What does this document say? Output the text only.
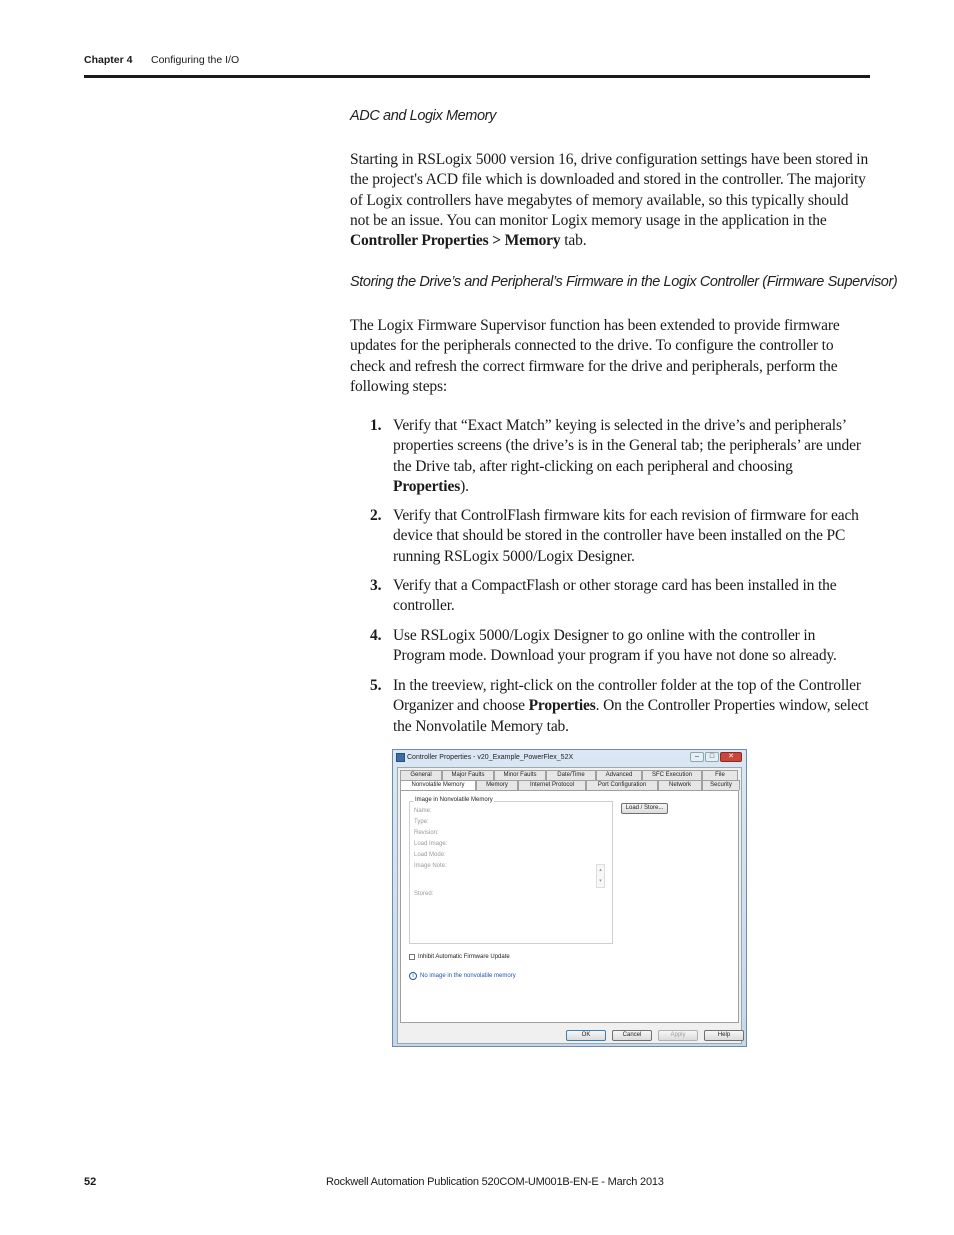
Chapter 4 Configuring the I/O
ADC and Logix Memory

Starting in RSLogix 5000 version 16, drive configuration settings have been stored in the project's ACD file which is downloaded and stored in the controller. The majority of Logix controllers have megabytes of memory available, so this typically should not be an issue. You can monitor Logix memory usage in the application in the Controller Properties > Memory tab.

Storing the Drive’s and Peripheral’s Firmware in the Logix Controller (Firmware Supervisor)

The Logix Firmware Supervisor function has been extended to provide firmware updates for the peripherals connected to the drive. To configure the controller to check and refresh the correct firmware for the drive and peripherals, perform the following steps:

1. Verify that “Exact Match” keying is selected in the drive’s and peripherals’ properties screens (the drive’s is in the General tab; the peripherals’ are under the Drive tab, after right-clicking on each peripheral and choosing Properties).
2. Verify that ControlFlash firmware kits for each revision of firmware for each device that should be stored in the controller have been installed on the PC running RSLogix 5000/Logix Designer.
3. Verify that a CompactFlash or other storage card has been installed in the controller.
4. Use RSLogix 5000/Logix Designer to go online with the controller in Program mode. Download your program if you have not done so already.
5. In the treeview, right-click on the controller folder at the top of the Controller Organizer and choose Properties. On the Controller Properties window, select the Nonvolatile Memory tab.
Controller Properties - v20_Example_PowerFlex_52X	–	□	✕
General	Major Faults	Minor Faults	Date/Time	Advanced	SFC Execution	File
Nonvolatile Memory	Memory	Internet Protocol	Port Configuration	Network	Security
Image in Nonvolatile Memory
Name:
Type:
Revision:
Load Image:
Load Mode:
Image Note:
▴
▾
Stored:
Load / Store...
Inhibit Automatic Firmware Update
i	No image in the nonvolatile memory
OK	Cancel	Apply	Help
52	Rockwell Automation Publication 520COM-UM001B-EN-E - March 2013
